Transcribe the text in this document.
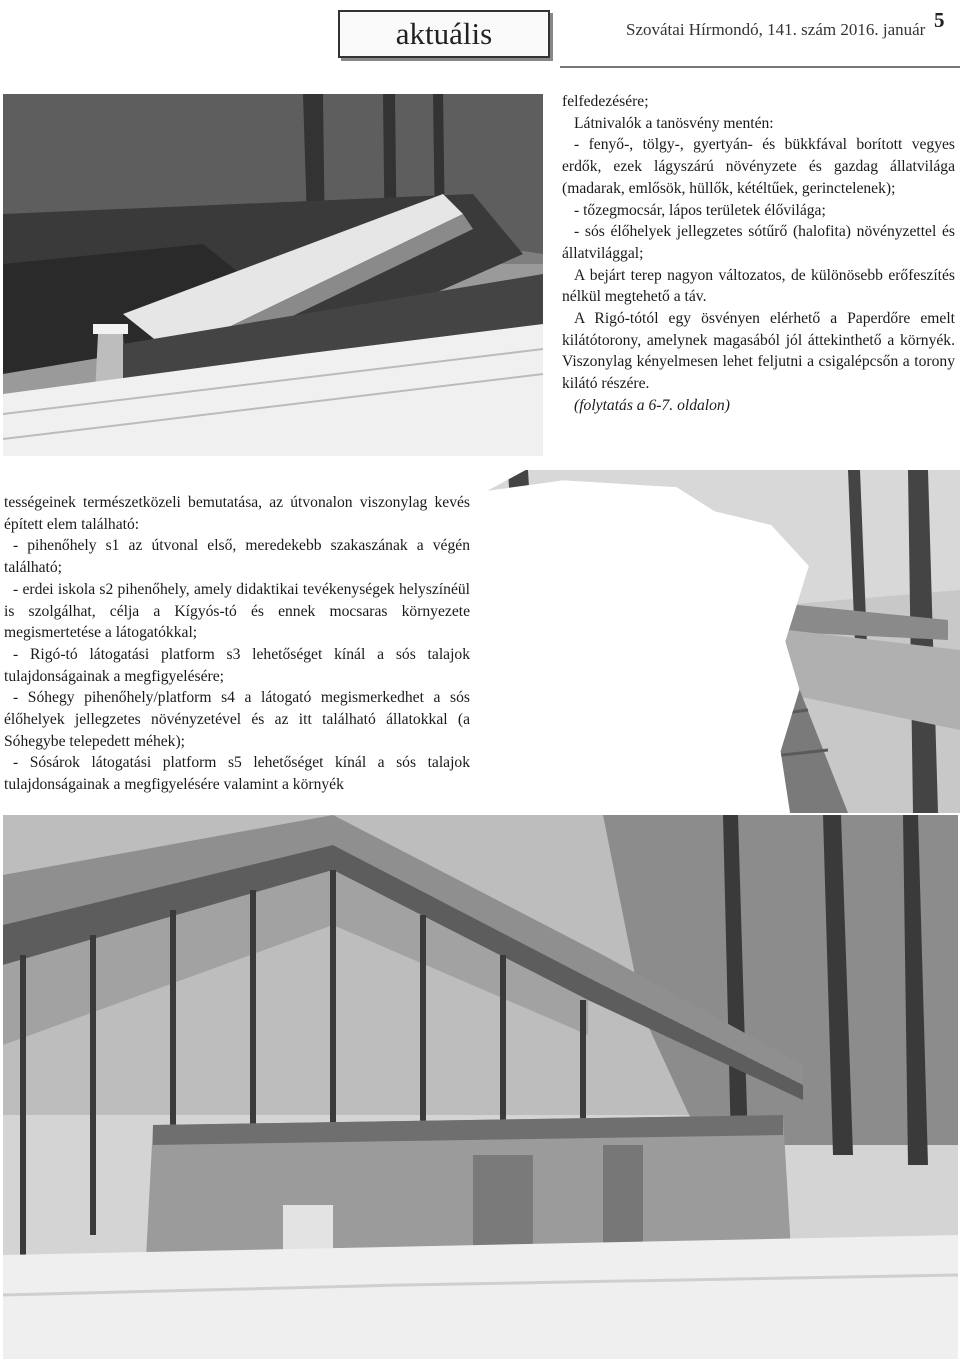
aktuális	Szovátai Hírmondó, 141. szám 2016. január 5

felfedezésére;

Látnivalók a tanösvény mentén:

- fenyő-, tölgy-, gyertyán- és bükkfával borított vegyes erdők, ezek lágyszárú növényzete és gazdag állatvilága (madarak, emlősök, hüllők, kétéltűek, gerinctelenek);

- tőzegmocsár, lápos területek élővilága;

- sós élőhelyek jellegzetes sótűrő (halofita) növényzettel és állatvilággal;

A bejárt terep nagyon változatos, de különösebb erőfeszítés nélkül megtehető a táv.

A Rigó-tótól egy ösvényen elérhető a Paperdőre emelt kilátótorony, amelynek magasából jól áttekinthető a környék. Viszonylag kényelmesen lehet feljutni a csigalépcsőn a torony kilátó részére.

(folytatás a 6-7. oldalon)

tességeinek természetközeli bemutatása, az útvonalon viszonylag kevés épített elem található:

- pihenőhely s1 az útvonal első, meredekebb szakaszának a végén található;

- erdei iskola s2 pihenőhely, amely didaktikai tevékenységek helyszínéül is szolgálhat, célja a Kígyós-tó és ennek mocsaras környezete megismertetése a látogatókkal;

- Rigó-tó látogatási platform s3 lehetőséget kínál a sós talajok tulajdonságainak a megfigyelésére;

- Sóhegy pihenőhely/platform s4 a látogató megismerkedhet a sós élőhelyek jellegzetes növényzetével és az itt található állatokkal (a Sóhegybe telepedett méhek);

- Sósárok látogatási platform s5 lehetőséget kínál a sós talajok tulajdonságainak a megfigyelésére valamint a környék
